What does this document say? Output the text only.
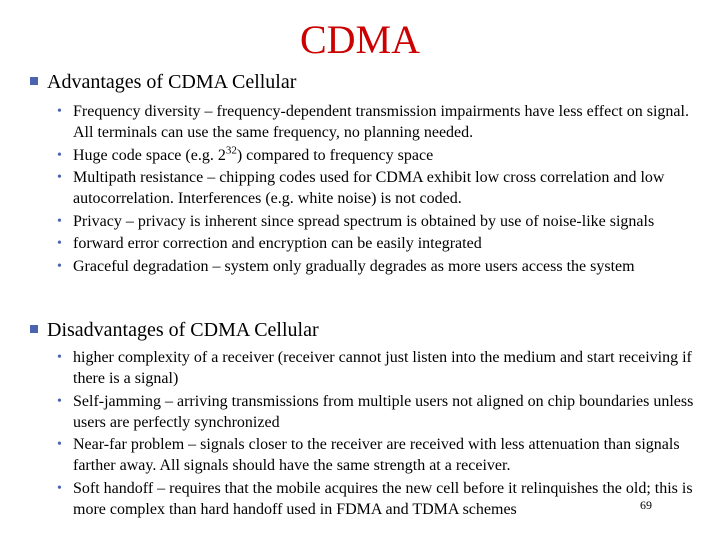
CDMA
Advantages of CDMA Cellular
• Frequency diversity – frequency-dependent transmission impairments have less effect on signal. All terminals can use the same frequency, no planning needed.
• Huge code space (e.g. $2^{32}$) compared to frequency space
• Multipath resistance – chipping codes used for CDMA exhibit low cross correlation and low autocorrelation. Interferences (e.g. white noise) is not coded.
• Privacy – privacy is inherent since spread spectrum is obtained by use of noise-like signals
• forward error correction and encryption can be easily integrated
• Graceful degradation – system only gradually degrades as more users access the system
Disadvantages of CDMA Cellular
• higher complexity of a receiver (receiver cannot just listen into the medium and start receiving if there is a signal)
• Self-jamming – arriving transmissions from multiple users not aligned on chip boundaries unless users are perfectly synchronized
• Near-far problem – signals closer to the receiver are received with less attenuation than signals farther away. All signals should have the same strength at a receiver.
• Soft handoff – requires that the mobile acquires the new cell before it relinquishes the old; this is more complex than hard handoff used in FDMA and TDMA schemes	69
